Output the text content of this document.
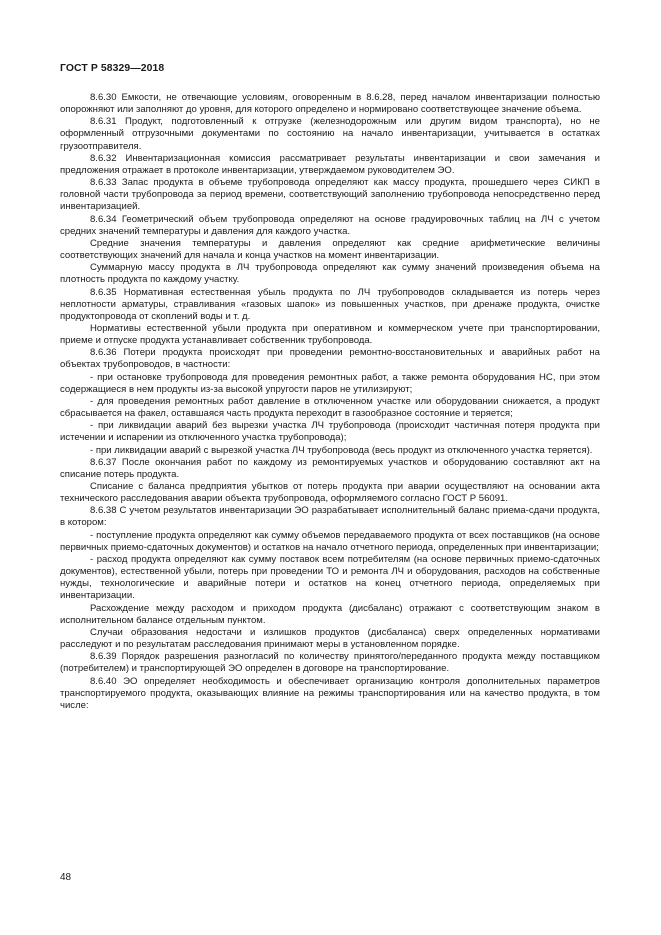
ГОСТ Р 58329—2018

8.6.30 Емкости, не отвечающие условиям, оговоренным в 8.6.28, перед началом инвентаризации полностью опорожняют или заполняют до уровня, для которого определено и нормировано соответствующее значение объема.

8.6.31 Продукт, подготовленный к отгрузке (железнодорожным или другим видом транспорта), но не оформленный отгрузочными документами по состоянию на начало инвентаризации, учитывается в остатках грузоотправителя.

8.6.32 Инвентаризационная комиссия рассматривает результаты инвентаризации и свои замечания и предложения отражает в протоколе инвентаризации, утверждаемом руководителем ЭО.

8.6.33 Запас продукта в объеме трубопровода определяют как массу продукта, прошедшего через СИКП в головной части трубопровода за период времени, соответствующий заполнению трубопровода непосредственно перед инвентаризацией.

8.6.34 Геометрический объем трубопровода определяют на основе градуировочных таблиц на ЛЧ с учетом средних значений температуры и давления для каждого участка.

Средние значения температуры и давления определяют как средние арифметические величины соответствующих значений для начала и конца участков на момент инвентаризации.

Суммарную массу продукта в ЛЧ трубопровода определяют как сумму значений произведения объема на плотность продукта по каждому участку.

8.6.35 Нормативная естественная убыль продукта по ЛЧ трубопроводов складывается из потерь через неплотности арматуры, стравливания «газовых шапок» из повышенных участков, при дренаже продукта, очистке продуктопровода от скоплений воды и т. д.

Нормативы естественной убыли продукта при оперативном и коммерческом учете при транспортировании, приеме и отпуске продукта устанавливает собственник трубопровода.

8.6.36 Потери продукта происходят при проведении ремонтно-восстановительных и аварийных работ на объектах трубопроводов, в частности:

- при остановке трубопровода для проведения ремонтных работ, а также ремонта оборудования НС, при этом содержащиеся в нем продукты из-за высокой упругости паров не утилизируют;

- для проведения ремонтных работ давление в отключенном участке или оборудовании снижается, а продукт сбрасывается на факел, оставшаяся часть продукта переходит в газообразное состояние и теряется;

- при ликвидации аварий без вырезки участка ЛЧ трубопровода (происходит частичная потеря продукта при истечении и испарении из отключенного участка трубопровода);

- при ликвидации аварий с вырезкой участка ЛЧ трубопровода (весь продукт из отключенного участка теряется).

8.6.37 После окончания работ по каждому из ремонтируемых участков и оборудованию составляют акт на списание потерь продукта.

Списание с баланса предприятия убытков от потерь продукта при аварии осуществляют на основании акта технического расследования аварии объекта трубопровода, оформляемого согласно ГОСТ Р 56091.

8.6.38 С учетом результатов инвентаризации ЭО разрабатывает исполнительный баланс приема-сдачи продукта, в котором:

- поступление продукта определяют как сумму объемов передаваемого продукта от всех поставщиков (на основе первичных приемо-сдаточных документов) и остатков на начало отчетного периода, определенных при инвентаризации;

- расход продукта определяют как сумму поставок всем потребителям (на основе первичных приемо-сдаточных документов), естественной убыли, потерь при проведении ТО и ремонта ЛЧ и оборудования, расходов на собственные нужды, технологические и аварийные потери и остатков на конец отчетного периода, определяемых при инвентаризации.

Расхождение между расходом и приходом продукта (дисбаланс) отражают с соответствующим знаком в исполнительном балансе отдельным пунктом.

Случаи образования недостачи и излишков продуктов (дисбаланса) сверх определенных нормативами расследуют и по результатам расследования принимают меры в установленном порядке.

8.6.39 Порядок разрешения разногласий по количеству принятого/переданного продукта между поставщиком (потребителем) и транспортирующей ЭО определен в договоре на транспортирование.

8.6.40 ЭО определяет необходимость и обеспечивает организацию контроля дополнительных параметров транспортируемого продукта, оказывающих влияние на режимы транспортирования или на качество продукта, в том числе:

48
